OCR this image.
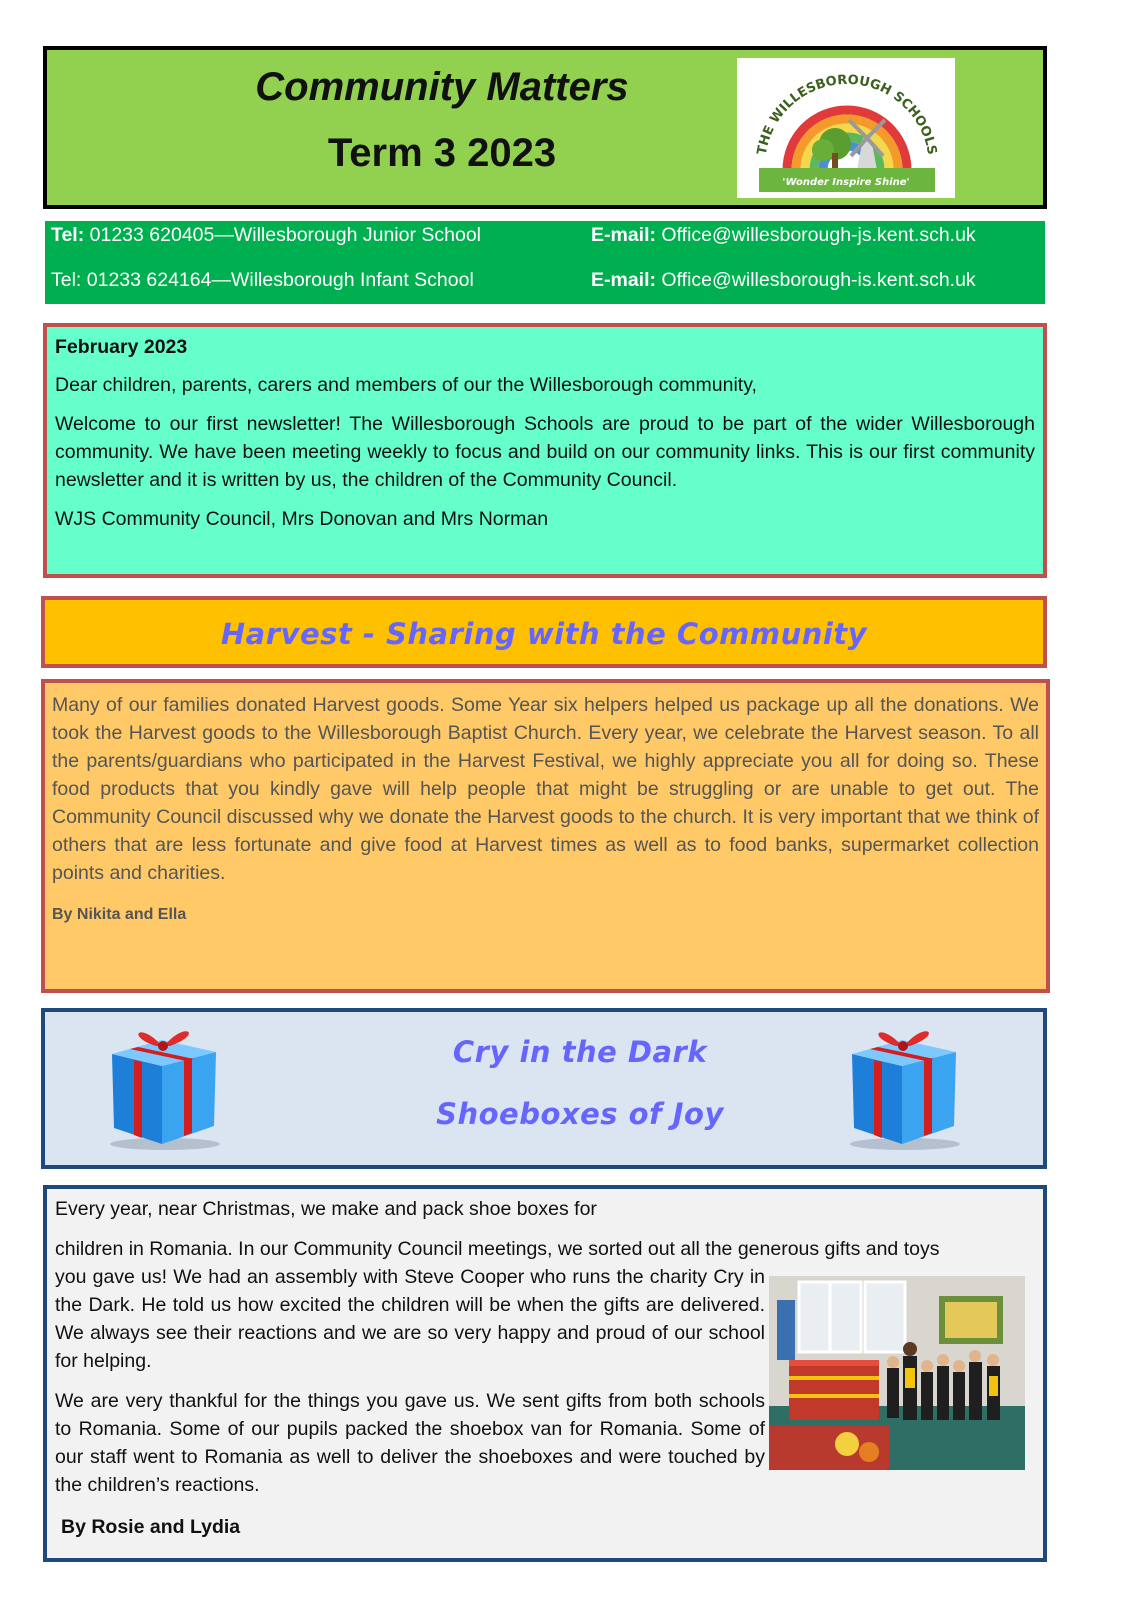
Community Matters
Term 3 2023	THE WILLESBOROUGH SCHOOLS
'Wonder Inspire Shine'
Tel: 01233 620405—Willesborough Junior School	E-mail: Office@willesborough-js.kent.sch.uk
Tel: 01233 624164—Willesborough Infant School	E-mail: Office@willesborough-is.kent.sch.uk

February 2023

Dear children, parents, carers and members of our the Willesborough community,

Welcome to our first newsletter! The Willesborough Schools are proud to be part of the wider Willesborough community. We have been meeting weekly to focus and build on our community links. This is our first community newsletter and it is written by us, the children of the Community Council.

WJS Community Council, Mrs Donovan and Mrs Norman

Harvest - Sharing with the Community

Many of our families donated Harvest goods. Some Year six helpers helped us package up all the donations. We took the Harvest goods to the Willesborough Baptist Church. Every year, we celebrate the Harvest season. To all the parents/guardians who participated in the Harvest Festival, we highly appreciate you all for doing so. These food products that you kindly gave will help people that might be struggling or are unable to get out. The Community Council discussed why we donate the Harvest goods to the church. It is very important that we think of others that are less fortunate and give food at Harvest times as well as to food banks, supermarket collection points and charities.

By Nikita and Ella

Cry in the Dark
Shoeboxes of Joy
Every year, near Christmas, we make and pack shoe boxes for
children in Romania. In our Community Council meetings, we sorted out all the generous gifts and toys
you gave us! We had an assembly with Steve Cooper who runs the charity Cry in the Dark. He told us how excited the children will be when the gifts are delivered. We always see their reactions and we are so very happy and proud of our school for helping.
We are very thankful for the things you gave us. We sent gifts from both schools to Romania. Some of our pupils packed the shoebox van for Romania. Some of our staff went to Romania as well to deliver the shoeboxes and were touched by the children’s reactions.
By Rosie and Lydia
